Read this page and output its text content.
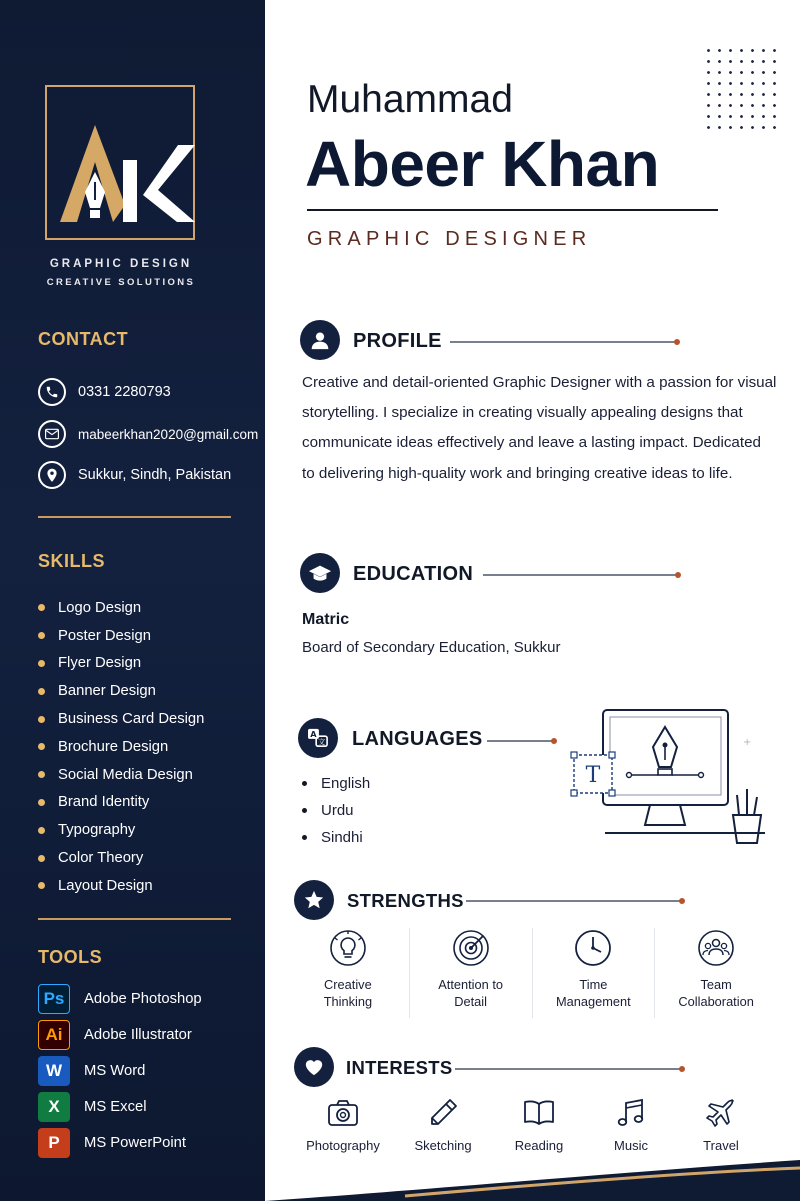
GRAPHIC DESIGN
CREATIVE SOLUTIONS
CONTACT
0331 2280793
mabeerkhan2020@gmail.com
Sukkur, Sindh, Pakistan
SKILLS
Logo Design
Poster Design
Flyer Design
Banner Design
Business Card Design
Brochure Design
Social Media Design
Brand Identity
Typography
Color Theory
Layout Design
TOOLS
Ps	Adobe Photoshop
Ai	Adobe Illustrator
W	MS Word
X	MS Excel
P	MS PowerPoint
Muhammad
Abeer Khan
GRAPHIC DESIGNER
PROFILE
Creative and detail-oriented Graphic Designer with a passion for visual storytelling. I specialize in creating visually appealing designs that communicate ideas effectively and leave a lasting impact. Dedicated to delivering high-quality work and bringing creative ideas to life.
EDUCATION
Matric
Board of Secondary Education, Sukkur
A
文 LANGUAGES
English
Urdu
Sindhi
T
+
STRENGTHS
Creative
Thinking
Attention to
Detail
Time
Management
Team
Collaboration
INTERESTS
Photography	Sketching	Reading	Music	Travel
